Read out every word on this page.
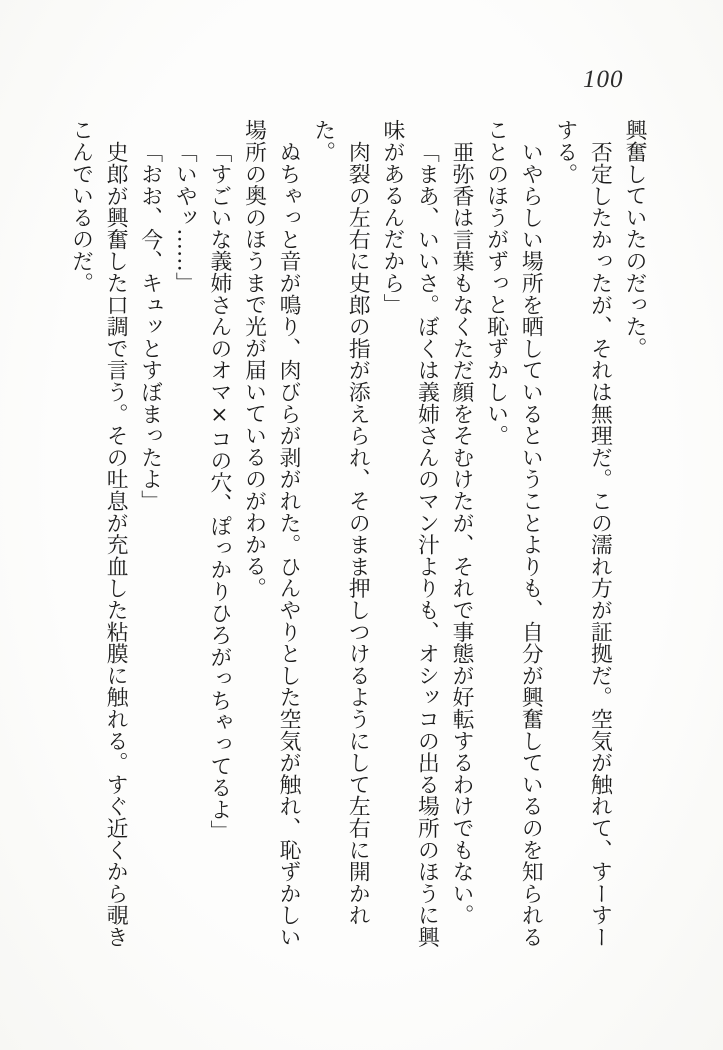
100

興奮していたのだった。

否定したかったが、それは無理だ。この濡れ方が証拠だ。空気が触れて、すーすーする。

いやらしい場所を晒しているということよりも、自分が興奮しているのを知られることのほうがずっと恥ずかしい。

亜弥香は言葉もなくただ顔をそむけたが、それで事態が好転するわけでもない。

「まあ、いいさ。ぼくは義姉さんのマン汁よりも、オシッコの出る場所のほうに興味があるんだから」

肉裂の左右に史郎の指が添えられ、そのまま押しつけるようにして左右に開かれた。

ぬちゃっと音が鳴り、肉びらが剥がれた。ひんやりとした空気が触れ、恥ずかしい場所の奥のほうまで光が届いているのがわかる。

「すごいな義姉さんのオマ×コの穴、ぽっかりひろがっちゃってるよ」

「いやッ……」

「おお、今、キュッとすぼまったよ」

史郎が興奮した口調で言う。その吐息が充血した粘膜に触れる。すぐ近くから覗きこんでいるのだ。
